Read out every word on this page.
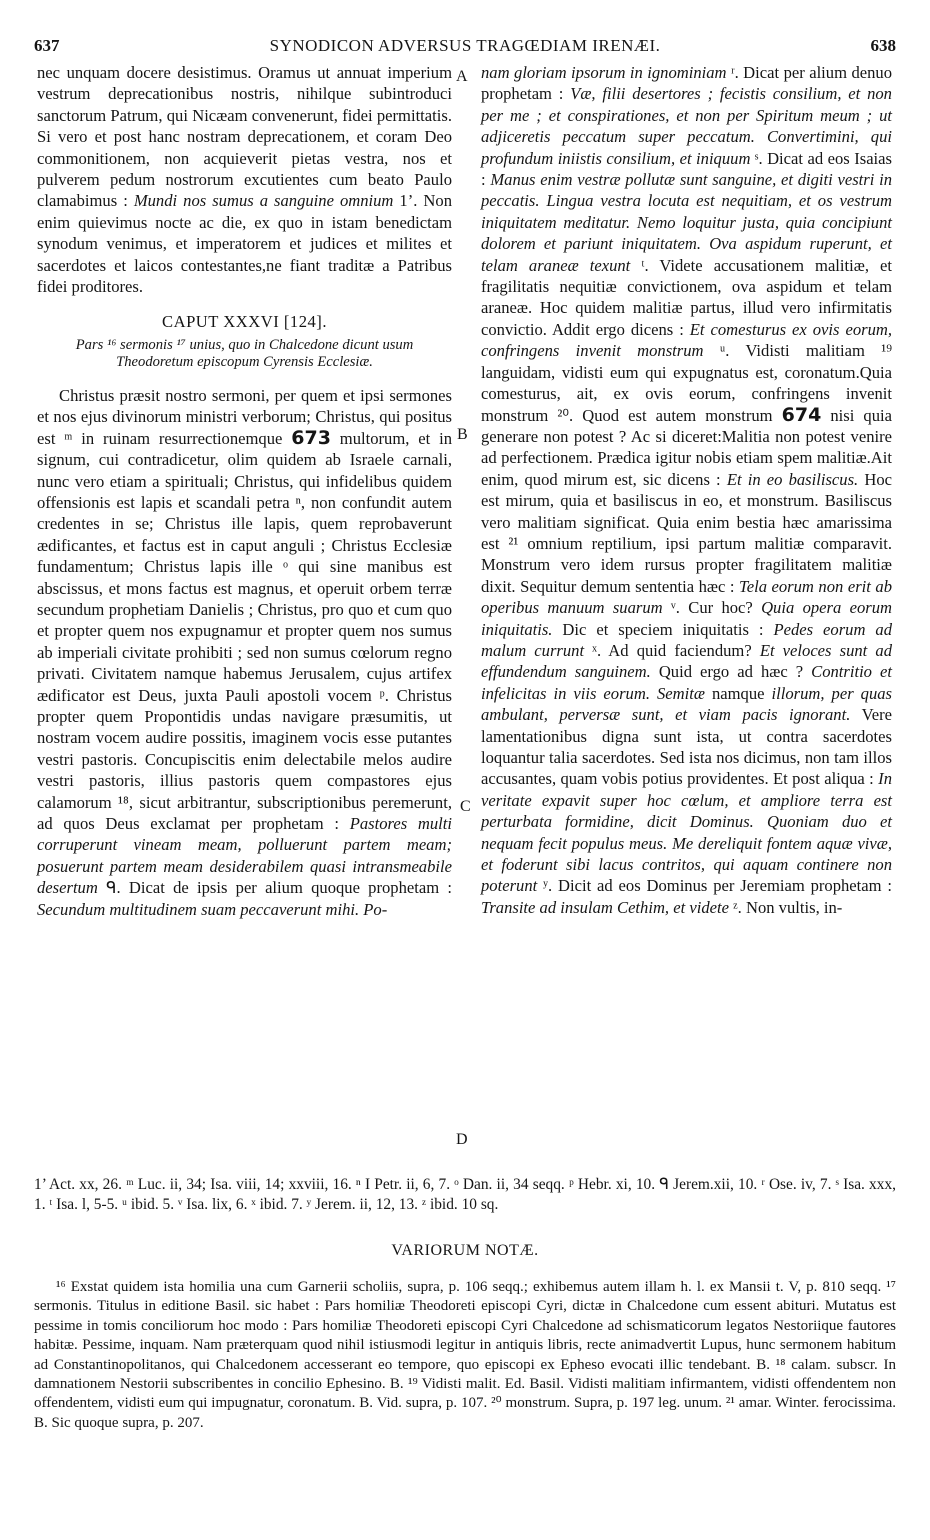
637	SYNODICON ADVERSUS TRAGŒDIAM IRENÆI.	638
A
B
C
D

nec unquam docere desistimus. Oramus ut annuat imperium vestrum deprecationibus nostris, nihilque subintroduci sanctorum Patrum, qui Nicæam convenerunt, fidei permittatis. Si vero et post hanc nostram deprecationem, et coram Deo commonitionem, non acquieverit pietas vestra, nos et pulverem pedum nostrorum excutientes cum beato Paulo clamabimus : Mundi nos sumus a sanguine omnium 1’. Non enim quievimus nocte ac die, ex quo in istam benedictam synodum venimus, et imperatorem et judices et milites et sacerdotes et laicos contestantes,ne fiant traditæ a Patribus fidei proditores.

CAPUT XXXVI [124].
Pars ¹⁶ sermonis ¹⁷ unius, quo in Chalcedone dicunt usum Theodoretum episcopum Cyrensis Ecclesiæ.

Christus præsit nostro sermoni, per quem et ipsi sermones et nos ejus divinorum ministri verborum; Christus, qui positus est ᵐ in ruinam resurrectionemque 673 multorum, et in signum, cui contradicetur, olim quidem ab Israele carnali, nunc vero etiam a spirituali; Christus, qui infidelibus quidem offensionis est lapis et scandali petra ⁿ, non confundit autem credentes in se; Christus ille lapis, quem reprobaverunt ædificantes, et factus est in caput anguli ; Christus Ecclesiæ fundamentum; Christus lapis ille ᵒ qui sine manibus est abscissus, et mons factus est magnus, et operuit orbem terræ secundum prophetiam Danielis ; Christus, pro quo et cum quo et propter quem nos expugnamur et propter quem nos sumus ab imperiali civitate prohibiti ; sed non sumus cœlorum regno privati. Civitatem namque habemus Jerusalem, cujus artifex ædificator est Deus, juxta Pauli apostoli vocem ᵖ. Christus propter quem Propontidis undas navigare præsumitis, ut nostram vocem audire possitis, imaginem vocis esse putantes vestri pastoris. Concupiscitis enim delectabile melos audire vestri pastoris, illius pastoris quem compastores ejus calamorum ¹⁸, sicut arbitrantur, subscriptionibus peremerunt, ad quos Deus exclamat per prophetam : Pastores multi corruperunt vineam meam, polluerunt partem meam; posuerunt partem meam desiderabilem quasi intransmeabile desertum ᑫ. Dicat de ipsis per alium quoque prophetam : Secundum multitudinem suam peccaverunt mihi. Po-

nam gloriam ipsorum in ignominiam ʳ. Dicat per alium denuo prophetam : Væ, filii desertores ; fecistis consilium, et non per me ; et conspirationes, et non per Spiritum meum ; ut adjiceretis peccatum super peccatum. Convertimini, qui profundum iniistis consilium, et iniquum ˢ. Dicat ad eos Isaias : Manus enim vestræ pollutæ sunt sanguine, et digiti vestri in peccatis. Lingua vestra locuta est nequitiam, et os vestrum iniquitatem meditatur. Nemo loquitur justa, quia concipiunt dolorem et pariunt iniquitatem. Ova aspidum ruperunt, et telam araneæ texunt ᵗ. Videte accusationem malitiæ, et fragilitatis nequitiæ convictionem, ova aspidum et telam araneæ. Hoc quidem malitiæ partus, illud vero infirmitatis convictio. Addit ergo dicens : Et comesturus ex ovis eorum, confringens invenit monstrum ᵘ. Vidisti malitiam ¹⁹ languidam, vidisti eum qui expugnatus est, coronatum.Quia comesturus, ait, ex ovis eorum, confringens invenit monstrum ²⁰. Quod est autem monstrum 674 nisi quia generare non potest ? Ac si diceret:Malitia non potest venire ad perfectionem. Prædica igitur nobis etiam spem malitiæ.Ait enim, quod mirum est, sic dicens : Et in eo basiliscus. Hoc est mirum, quia et basiliscus in eo, et monstrum. Basiliscus vero malitiam significat. Quia enim bestia hæc amarissima est ²¹ omnium reptilium, ipsi partum malitiæ comparavit. Monstrum vero idem rursus propter fragilitatem malitiæ dixit. Sequitur demum sententia hæc : Tela eorum non erit ab operibus manuum suarum ᵛ. Cur hoc? Quia opera eorum iniquitatis. Dic et speciem iniquitatis : Pedes eorum ad malum currunt ˣ. Ad quid faciendum? Et veloces sunt ad effundendum sanguinem. Quid ergo ad hæc ? Contritio et infelicitas in viis eorum. Semitæ namque illorum, per quas ambulant, perversæ sunt, et viam pacis ignorant. Vere lamentationibus digna sunt ista, ut contra sacerdotes loquantur talia sacerdotes. Sed ista nos dicimus, non tam illos accusantes, quam vobis potius providentes. Et post aliqua : In veritate expavit super hoc cœlum, et ampliore terra est perturbata formidine, dicit Dominus. Quoniam duo et nequam fecit populus meus. Me dereliquit fontem aquæ vivæ, et foderunt sibi lacus contritos, qui aquam continere non poterunt ʸ. Dicit ad eos Dominus per Jeremiam prophetam : Transite ad insulam Cethim, et videte ᶻ. Non vultis, in-

1’ Act. xx, 26. ᵐ Luc. ii, 34; Isa. viii, 14; xxviii, 16. ⁿ I Petr. ii, 6, 7. ᵒ Dan. ii, 34 seqq. ᵖ Hebr. xi, 10. ᑫ Jerem.xii, 10. ʳ Ose. iv, 7. ˢ Isa. xxx, 1. ᵗ Isa. l, 5-5. ᵘ ibid. 5. ᵛ Isa. lix, 6. ˣ ibid. 7. ʸ Jerem. ii, 12, 13. ᶻ ibid. 10 sq.
VARIORUM NOTÆ.

¹⁶ Exstat quidem ista homilia una cum Garnerii scholiis, supra, p. 106 seqq.; exhibemus autem illam h. l. ex Mansii t. V, p. 810 seqq. ¹⁷ sermonis. Titulus in editione Basil. sic habet : Pars homiliæ Theodoreti episcopi Cyri, dictæ in Chalcedone cum essent abituri. Mutatus est pessime in tomis conciliorum hoc modo : Pars homiliæ Theodoreti episcopi Cyri Chalcedone ad schismaticorum legatos Nestoriique fautores habitæ. Pessime, inquam. Nam præterquam quod nihil istiusmodi legitur in antiquis libris, recte animadvertit Lupus, hunc sermonem habitum ad Constantinopolitanos, qui Chalcedonem accesserant eo tempore, quo episcopi ex Epheso evocati illic tendebant. B. ¹⁸ calam. subscr. In damnationem Nestorii subscribentes in concilio Ephesino. B. ¹⁹ Vidisti malit. Ed. Basil. Vidisti malitiam infirmantem, vidisti offendentem non offendentem, vidisti eum qui impugnatur, coronatum. B. Vid. supra, p. 107. ²⁰ monstrum. Supra, p. 197 leg. unum. ²¹ amar. Winter. ferocissima. B. Sic quoque supra, p. 207.
